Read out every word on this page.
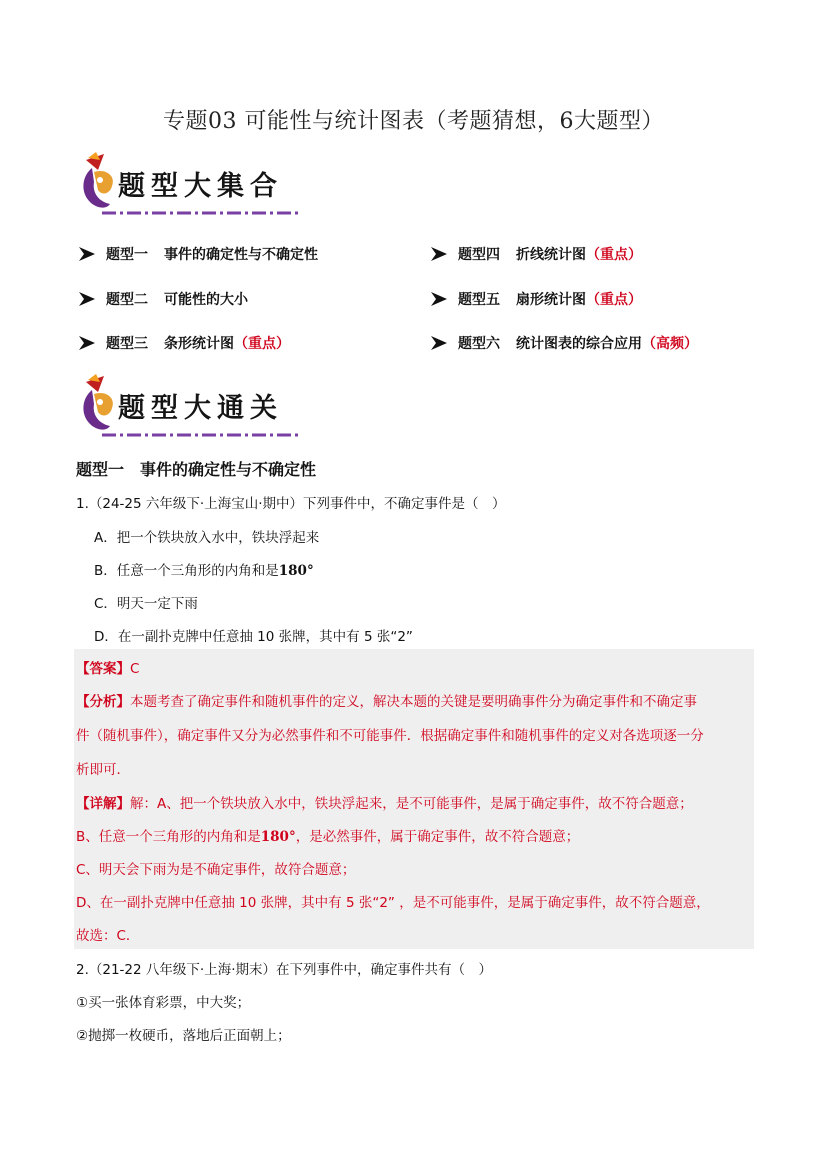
专题03 可能性与统计图表（考题猜想，6大题型）
题型大集合
题型一 事件的确定性与不确定性
题型二 可能性的大小
题型三 条形统计图 （重点）
题型四 折线统计图 （重点）
题型五 扇形统计图 （重点）
题型六 统计图表的综合应用 （高频）
题型大通关
题型一　事件的确定性与不确定性
1.（24-25 六年级下·上海宝山·期中）下列事件中，不确定事件是（　）
A．把一个铁块放入水中，铁块浮起来
B．任意一个三角形的内角和是180°
C．明天一定下雨
D．在一副扑克牌中任意抽 10 张牌，其中有 5 张“2”
【答案】C
【分析】本题考查了确定事件和随机事件的定义，解决本题的关键是要明确事件分为确定事件和不确定事
件（随机事件），确定事件又分为必然事件和不可能事件．根据确定事件和随机事件的定义对各选项逐一分
析即可．
【详解】解：A、把一个铁块放入水中，铁块浮起来，是不可能事件，是属于确定事件，故不符合题意；
B、任意一个三角形的内角和是180°，是必然事件，属于确定事件，故不符合题意；
C、明天会下雨为是不确定事件，故符合题意；
D、在一副扑克牌中任意抽 10 张牌，其中有 5 张“2” ，是不可能事件，是属于确定事件，故不符合题意，
故选：C．
2.（21-22 八年级下·上海·期末）在下列事件中，确定事件共有（　）
①买一张体育彩票，中大奖；
②抛掷一枚硬币，落地后正面朝上；
